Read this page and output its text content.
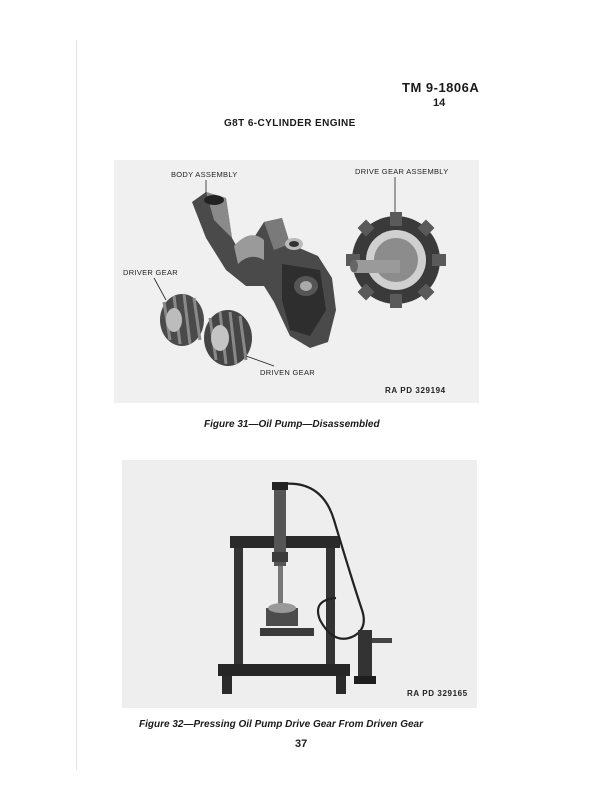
TM 9-1806A
14
G8T 6-CYLINDER ENGINE
BODY ASSEMBLY	DRIVE GEAR ASSEMBLY
DRIVER GEAR
DRIVEN GEAR
RA PD 329194
Figure 31—Oil Pump—Disassembled
RA PD 329165
Figure 32—Pressing Oil Pump Drive Gear From Driven Gear
37
